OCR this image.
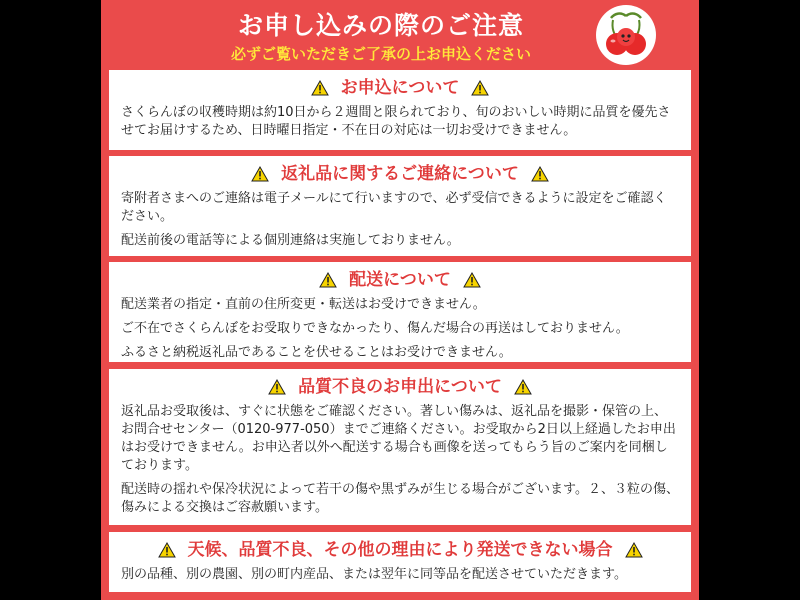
お申し込みの際のご注意
必ずご覧いただきご了承の上お申込ください
お申込について

さくらんぼの収穫時期は約10日から２週間と限られており、旬のおいしい時期に品質を優先させてお届けするため、日時曜日指定・不在日の対応は一切お受けできません。

返礼品に関するご連絡について

寄附者さまへのご連絡は電子メールにて行いますので、必ず受信できるように設定をご確認ください。

配送前後の電話等による個別連絡は実施しておりません。

配送について

配送業者の指定・直前の住所変更・転送はお受けできません。

ご不在でさくらんぼをお受取りできなかったり、傷んだ場合の再送はしておりません。

ふるさと納税返礼品であることを伏せることはお受けできません。

品質不良のお申出について

返礼品お受取後は、すぐに状態をご確認ください。著しい傷みは、返礼品を撮影・保管の上、お問合せセンター（0120-977-050）までご連絡ください。お受取から2日以上経過したお申出はお受けできません。お申込者以外へ配送する場合も画像を送ってもらう旨のご案内を同梱しております。

配送時の揺れや保冷状況によって若干の傷や黒ずみが生じる場合がございます。２、３粒の傷、傷みによる交換はご容赦願います。

天候、品質不良、その他の理由により発送できない場合

別の品種、別の農園、別の町内産品、または翌年に同等品を配送させていただきます。
